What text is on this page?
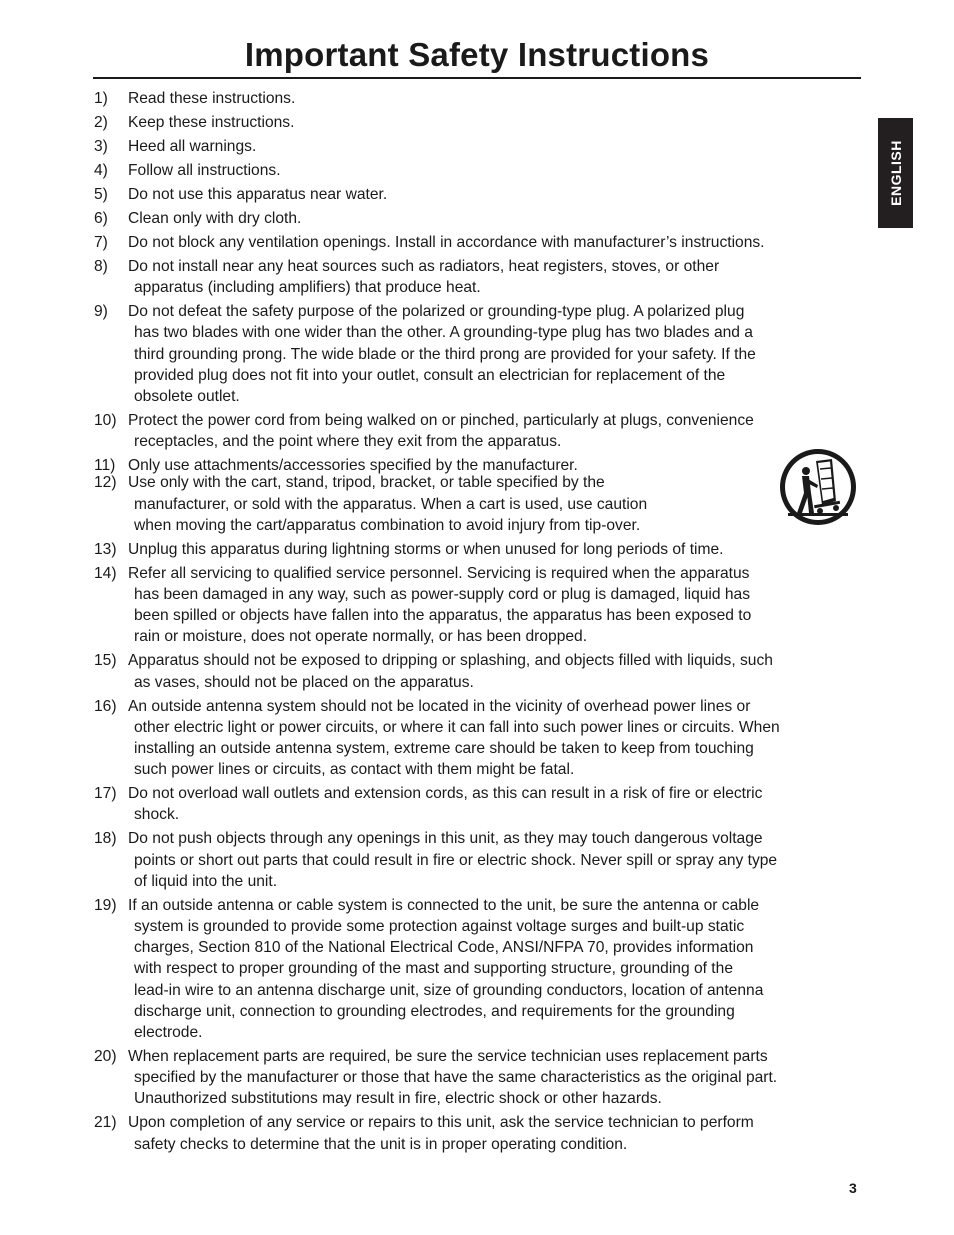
Important Safety Instructions
ENGLISH
1) Read these instructions.
2) Keep these instructions.
3) Heed all warnings.
4) Follow all instructions.
5) Do not use this apparatus near water.
6) Clean only with dry cloth.
7) Do not block any ventilation openings. Install in accordance with manufacturer’s instructions.
8) Do not install near any heat sources such as radiators, heat registers, stoves, or other
apparatus (including amplifiers) that produce heat.
9) Do not defeat the safety purpose of the polarized or grounding-type plug. A polarized plug
has two blades with one wider than the other. A grounding-type plug has two blades and a
third grounding prong. The wide blade or the third prong are provided for your safety. If the
provided plug does not fit into your outlet, consult an electrician for replacement of the
obsolete outlet.
10) Protect the power cord from being walked on or pinched, particularly at plugs, convenience
receptacles, and the point where they exit from the apparatus.
11) Only use attachments/accessories specified by the manufacturer.
12) Use only with the cart, stand, tripod, bracket, or table specified by the
manufacturer, or sold with the apparatus. When a cart is used, use caution
when moving the cart/apparatus combination to avoid injury from tip-over.
13) Unplug this apparatus during lightning storms or when unused for long periods of time.
14) Refer all servicing to qualified service personnel. Servicing is required when the apparatus
has been damaged in any way, such as power-supply cord or plug is damaged, liquid has
been spilled or objects have fallen into the apparatus, the apparatus has been exposed to
rain or moisture, does not operate normally, or has been dropped.
15) Apparatus should not be exposed to dripping or splashing, and objects filled with liquids, such
as vases, should not be placed on the apparatus.
16) An outside antenna system should not be located in the vicinity of overhead power lines or
other electric light or power circuits, or where it can fall into such power lines or circuits. When
installing an outside antenna system, extreme care should be taken to keep from touching
such power lines or circuits, as contact with them might be fatal.
17) Do not overload wall outlets and extension cords, as this can result in a risk of fire or electric
shock.
18) Do not push objects through any openings in this unit, as they may touch dangerous voltage
points or short out parts that could result in fire or electric shock. Never spill or spray any type
of liquid into the unit.
19) If an outside antenna or cable system is connected to the unit, be sure the antenna or cable
system is grounded to provide some protection against voltage surges and built-up static
charges, Section 810 of the National Electrical Code, ANSI/NFPA 70, provides information
with respect to proper grounding of the mast and supporting structure, grounding of the
lead-in wire to an antenna discharge unit, size of grounding conductors, location of antenna
discharge unit, connection to grounding electrodes, and requirements for the grounding
electrode.
20) When replacement parts are required, be sure the service technician uses replacement parts
specified by the manufacturer or those that have the same characteristics as the original part.
Unauthorized substitutions may result in fire, electric shock or other hazards.
21) Upon completion of any service or repairs to this unit, ask the service technician to perform
safety checks to determine that the unit is in proper operating condition.
3
